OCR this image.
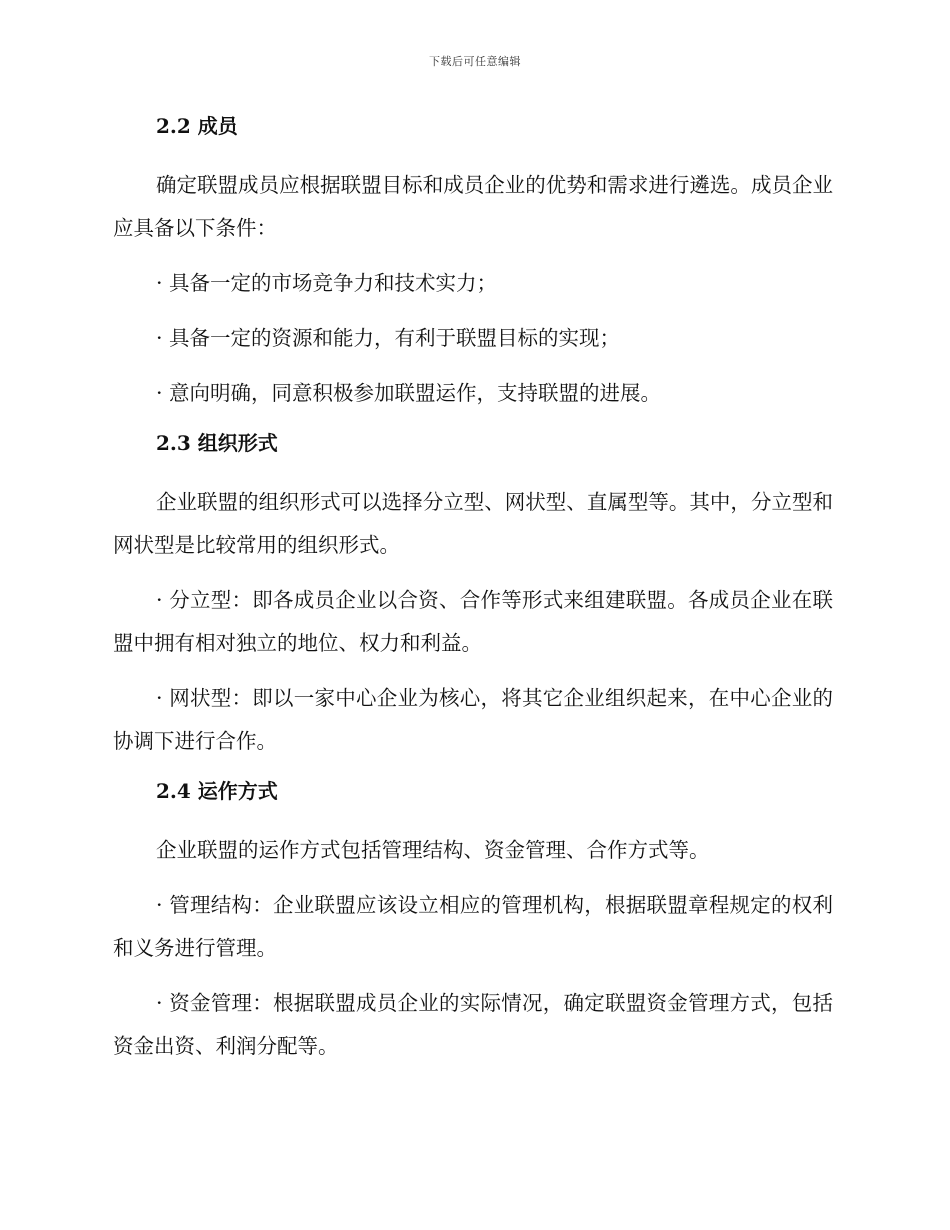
下载后可任意编辑
2.2 成员

确定联盟成员应根据联盟目标和成员企业的优势和需求进行遴选。成员企业应具备以下条件：

· 具备一定的市场竞争力和技术实力；

· 具备一定的资源和能力，有利于联盟目标的实现；

· 意向明确，同意积极参加联盟运作，支持联盟的进展。

2.3 组织形式

企业联盟的组织形式可以选择分立型、网状型、直属型等。其中，分立型和网状型是比较常用的组织形式。

· 分立型：即各成员企业以合资、合作等形式来组建联盟。各成员企业在联盟中拥有相对独立的地位、权力和利益。

· 网状型：即以一家中心企业为核心，将其它企业组织起来，在中心企业的协调下进行合作。

2.4 运作方式

企业联盟的运作方式包括管理结构、资金管理、合作方式等。

· 管理结构：企业联盟应该设立相应的管理机构，根据联盟章程规定的权利和义务进行管理。

· 资金管理：根据联盟成员企业的实际情况，确定联盟资金管理方式，包括资金出资、利润分配等。
